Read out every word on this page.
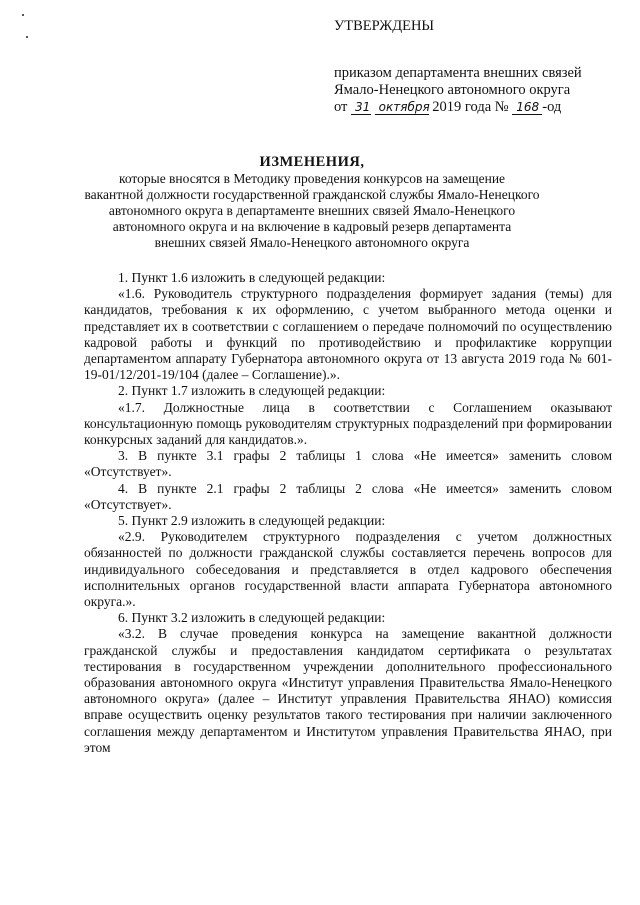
УТВЕРЖДЕНЫ
приказом департамента внешних связей
Ямало-Ненецкого автономного округа
от 31 октября 2019 года № 168 -од
ИЗМЕНЕНИЯ,
которые вносятся в Методику проведения конкурсов на замещение
вакантной должности государственной гражданской службы Ямало-Ненецкого
автономного округа в департаменте внешних связей Ямало-Ненецкого
автономного округа и на включение в кадровый резерв департамента
внешних связей Ямало-Ненецкого автономного округа

1. Пункт 1.6 изложить в следующей редакции:

«1.6. Руководитель структурного подразделения формирует задания (темы) для кандидатов, требования к их оформлению, с учетом выбранного метода оценки и представляет их в соответствии с соглашением о передаче полномочий по осуществлению кадровой работы и функций по противодействию и профилактике коррупции департаментом аппарату Губернатора автономного округа от 13 августа 2019 года № 601-19-01/12/201-19/104 (далее – Соглашение).».

2. Пункт 1.7 изложить в следующей редакции:

«1.7. Должностные лица в соответствии с Соглашением оказывают консультационную помощь руководителям структурных подразделений при формировании конкурсных заданий для кандидатов.».

3. В пункте 3.1 графы 2 таблицы 1 слова «Не имеется» заменить словом «Отсутствует».

4. В пункте 2.1 графы 2 таблицы 2 слова «Не имеется» заменить словом «Отсутствует».

5. Пункт 2.9 изложить в следующей редакции:

«2.9. Руководителем структурного подразделения с учетом должностных обязанностей по должности гражданской службы составляется перечень вопросов для индивидуального собеседования и представляется в отдел кадрового обеспечения исполнительных органов государственной власти аппарата Губернатора автономного округа.».

6. Пункт 3.2 изложить в следующей редакции:

«3.2. В случае проведения конкурса на замещение вакантной должности гражданской службы и предоставления кандидатом сертификата о результатах тестирования в государственном учреждении дополнительного профессионального образования автономного округа «Институт управления Правительства Ямало-Ненецкого автономного округа» (далее – Институт управления Правительства ЯНАО) комиссия вправе осуществить оценку результатов такого тестирования при наличии заключенного соглашения между департаментом и Институтом управления Правительства ЯНАО, при этом
